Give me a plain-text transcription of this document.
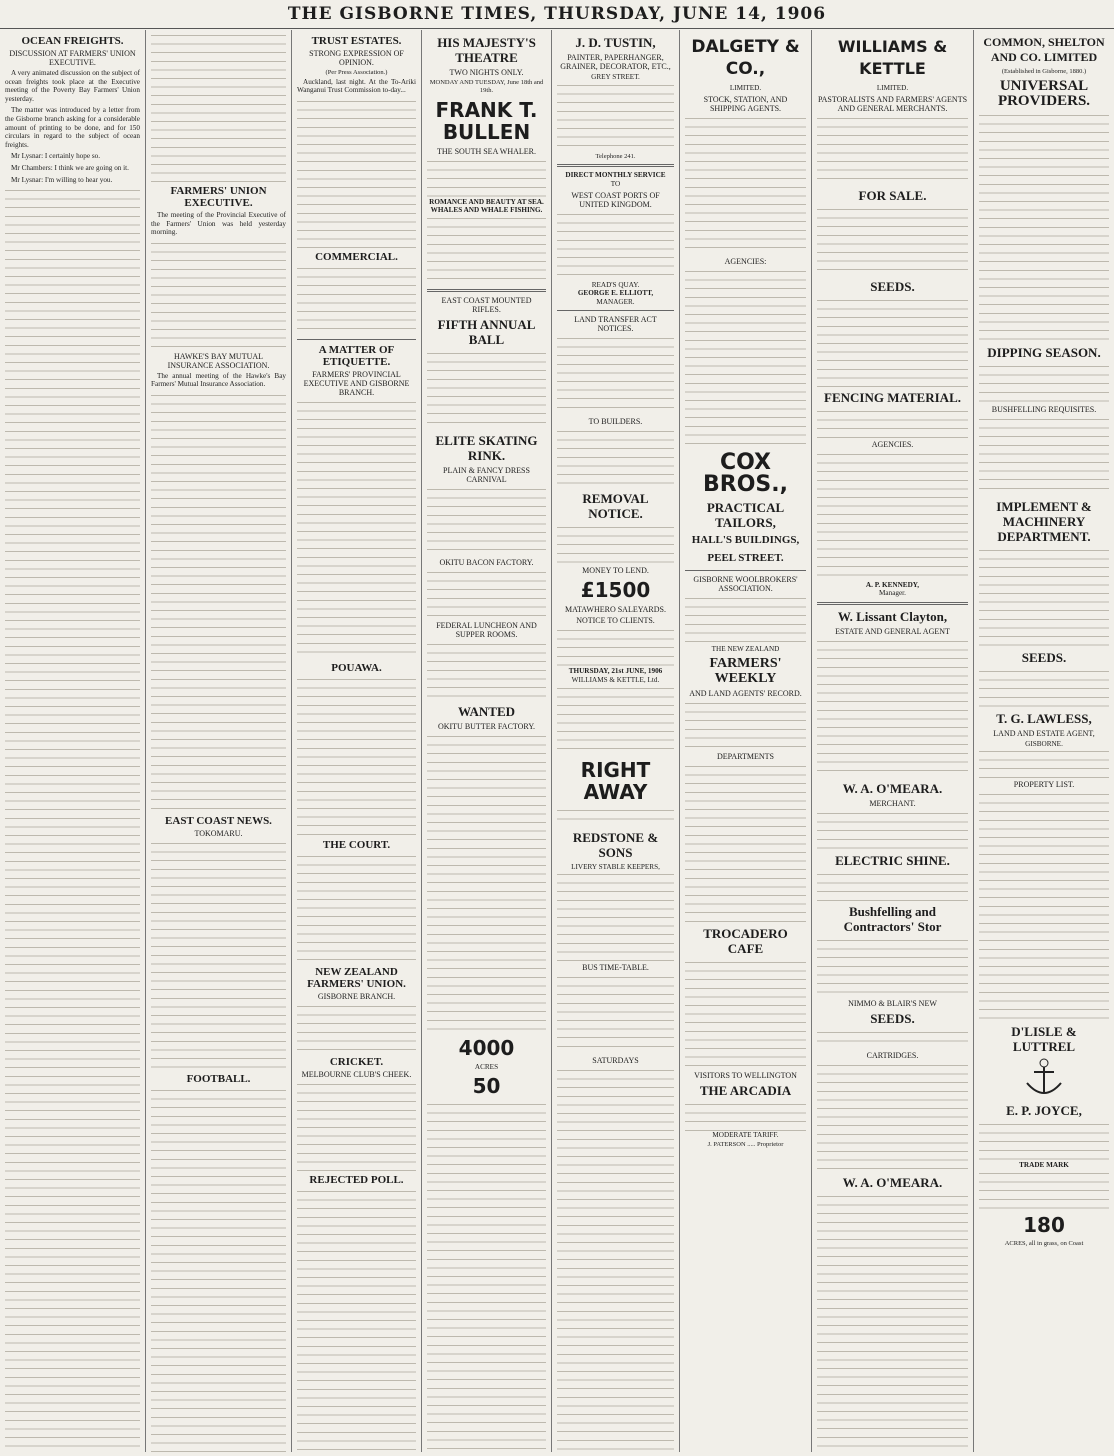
THE GISBORNE TIMES, THURSDAY, JUNE 14, 1906
OCEAN FREIGHTS.
DISCUSSION AT FARMERS' UNION EXECUTIVE.

A very animated discussion on the subject of ocean freights took place at the Executive meeting of the Poverty Bay Farmers' Union yesterday.

The matter was introduced by a letter from the Gisborne branch asking for a considerable amount of printing to be done, and for 150 circulars in regard to the subject of ocean freights.

Mr Lysnar: I certainly hope so.

Mr Chambers: I think we are going on it.

Mr Lysnar: I'm willing to hear you.

FARMERS' UNION EXECUTIVE.

The meeting of the Provincial Executive of the Farmers' Union was held yesterday morning.

HAWKE'S BAY MUTUAL INSURANCE ASSOCIATION.

The annual meeting of the Hawke's Bay Farmers' Mutual Insurance Association.

EAST COAST NEWS.
TOKOMARU.
FOOTBALL.
TRUST ESTATES.
STRONG EXPRESSION OF OPINION.
(Per Press Association.)

Auckland, last night. At the To-Ariki Wanganui Trust Commission to-day...

COMMERCIAL.
A MATTER OF ETIQUETTE.
FARMERS' PROVINCIAL EXECUTIVE AND GISBORNE BRANCH.
POUAWA.
THE COURT.
NEW ZEALAND FARMERS' UNION.
GISBORNE BRANCH.
CRICKET.
MELBOURNE CLUB'S CHEEK.
REJECTED POLL.
HIS MAJESTY'S THEATRE
TWO NIGHTS ONLY.
MONDAY AND TUESDAY, June 18th and 19th.
FRANK T. BULLEN
THE SOUTH SEA WHALER.
ROMANCE AND BEAUTY AT SEA.
WHALES AND WHALE FISHING.
EAST COAST MOUNTED RIFLES.
FIFTH ANNUAL BALL
ELITE SKATING RINK.
PLAIN & FANCY DRESS CARNIVAL
OKITU BACON FACTORY.
FEDERAL LUNCHEON AND SUPPER ROOMS.
WANTED
OKITU BUTTER FACTORY.
4000
ACRES
50
J. D. TUSTIN,
PAINTER, PAPERHANGER, GRAINER, DECORATOR, ETC.,
GREY STREET.
Telephone 241.
DIRECT MONTHLY SERVICE
TO
WEST COAST PORTS OF UNITED KINGDOM.
READ'S QUAY.
GEORGE E. ELLIOTT,
MANAGER.
LAND TRANSFER ACT NOTICES.
TO BUILDERS.
REMOVAL NOTICE.
MONEY TO LEND.
£1500
MATAWHERO SALEYARDS.
NOTICE TO CLIENTS.
THURSDAY, 21st JUNE, 1906
WILLIAMS & KETTLE, Ltd.
RIGHT AWAY
REDSTONE & SONS
LIVERY STABLE KEEPERS,
BUS TIME-TABLE.
SATURDAYS
DALGETY & CO.,
LIMITED.
STOCK, STATION, AND SHIPPING AGENTS.
AGENCIES:
COX BROS.,
PRACTICAL TAILORS,
HALL'S BUILDINGS,
PEEL STREET.
GISBORNE WOOLBROKERS' ASSOCIATION.
THE NEW ZEALAND
FARMERS' WEEKLY
AND LAND AGENTS' RECORD.
DEPARTMENTS
TROCADERO CAFE
VISITORS TO WELLINGTON
THE ARCADIA
MODERATE TARIFF.
J. PATERSON ..... Proprietor
WILLIAMS & KETTLE
LIMITED.
PASTORALISTS AND FARMERS' AGENTS AND GENERAL MERCHANTS.
FOR SALE.
SEEDS.
FENCING MATERIAL.
AGENCIES.
A. P. KENNEDY,
Manager.
W. Lissant Clayton,
ESTATE AND GENERAL AGENT
W. A. O'MEARA.
MERCHANT.
ELECTRIC SHINE.
Bushfelling and Contractors' Stor
NIMMO & BLAIR'S NEW
SEEDS.
CARTRIDGES.
W. A. O'MEARA.
COMMON, SHELTON AND CO. LIMITED
(Established in Gisborne, 1880.)
UNIVERSAL PROVIDERS.
DIPPING SEASON.
BUSHFELLING REQUISITES.
IMPLEMENT & MACHINERY DEPARTMENT.
SEEDS.
T. G. LAWLESS,
LAND AND ESTATE AGENT,
GISBORNE.
PROPERTY LIST.
D'LISLE & LUTTREL
E. P. JOYCE,
TRADE MARK
180
ACRES, all in grass, on Coast
